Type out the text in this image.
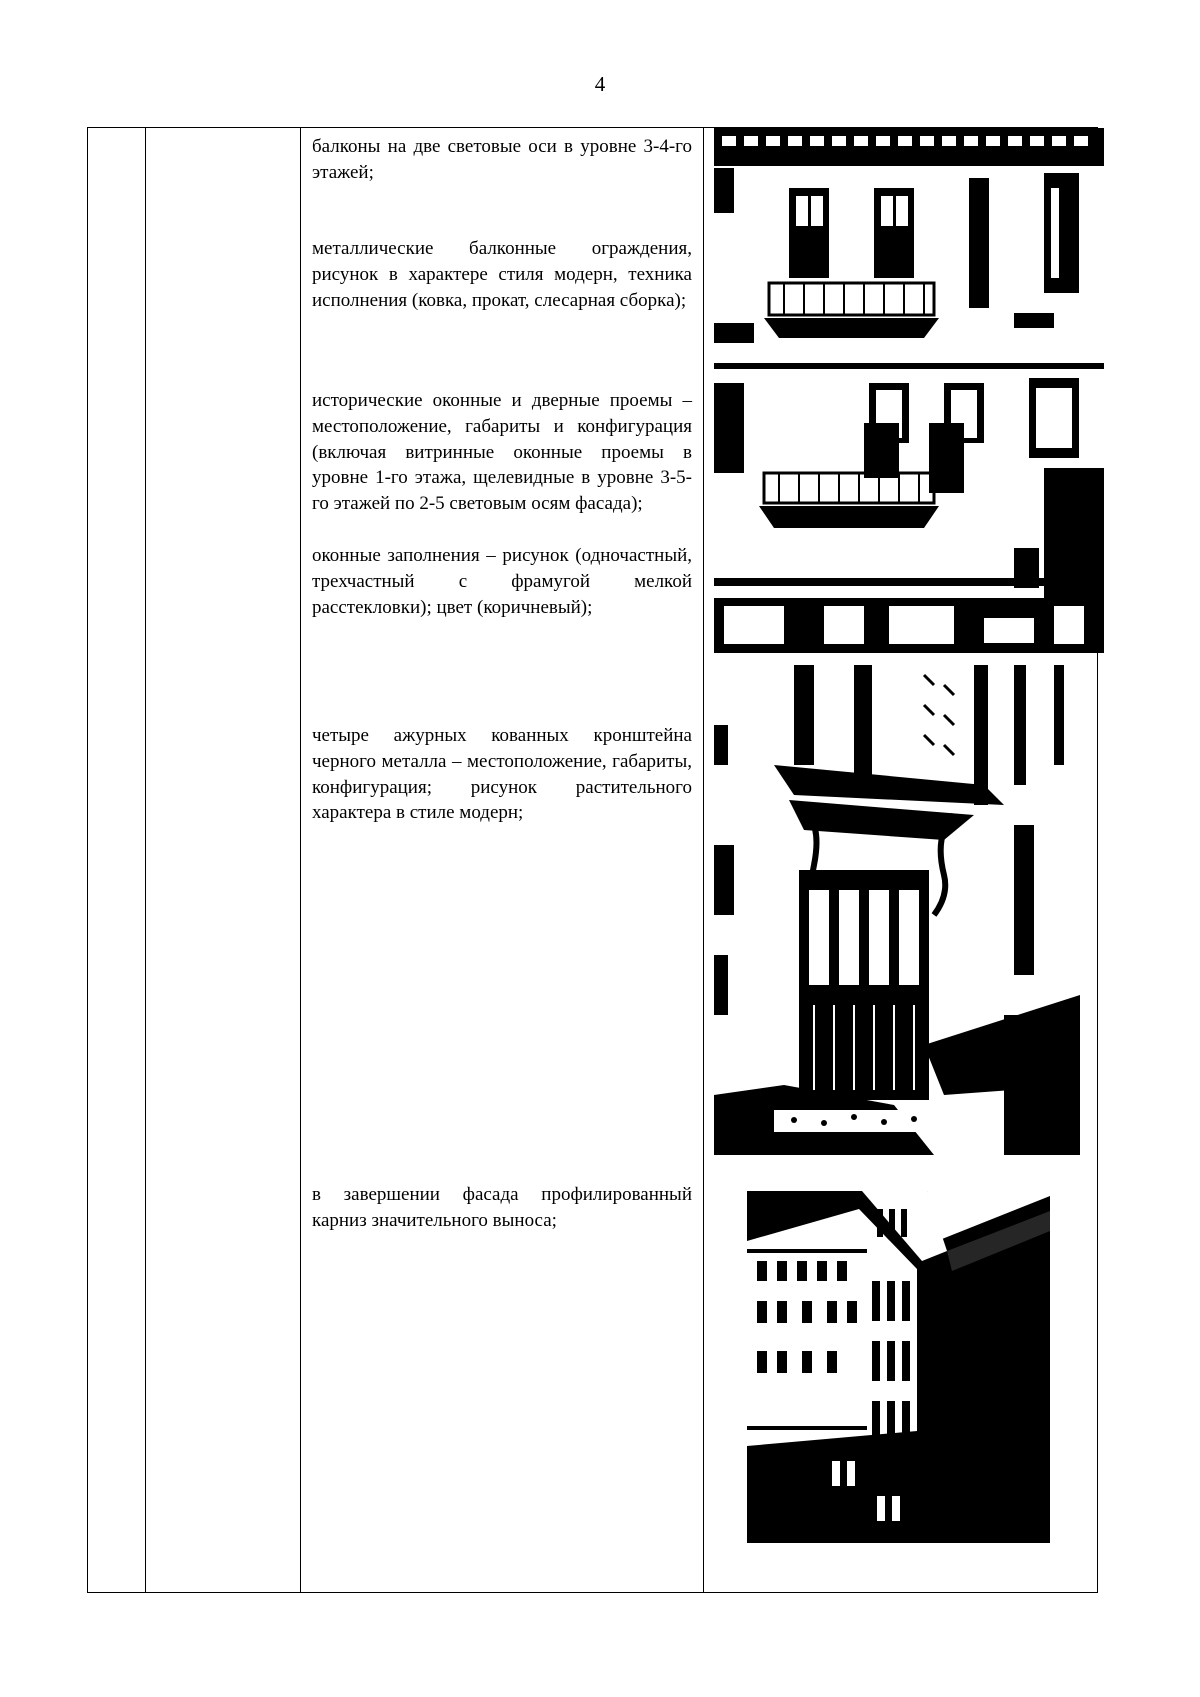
4

балконы на две световые оси в уровне 3-4-го этажей;

металлические балконные ограждения, рисунок в характере стиля модерн, техника исполнения (ковка, прокат, слесарная сборка);

исторические оконные и дверные проемы – местоположение, габариты и конфигурация (включая витринные оконные проемы в уровне 1-го этажа, щелевидные в уровне 3-5-го этажей по 2-5 световым осям фасада);

оконные заполнения – рисунок (одночастный, трехчастный с фрамугой мелкой расстекловки); цвет (коричневый);

четыре ажурных кованных кронштейна черного металла – местоположение, габариты, конфигурация; рисунок растительного характера в стиле модерн;

в завершении фасада профилированный карниз значительного выноса;
